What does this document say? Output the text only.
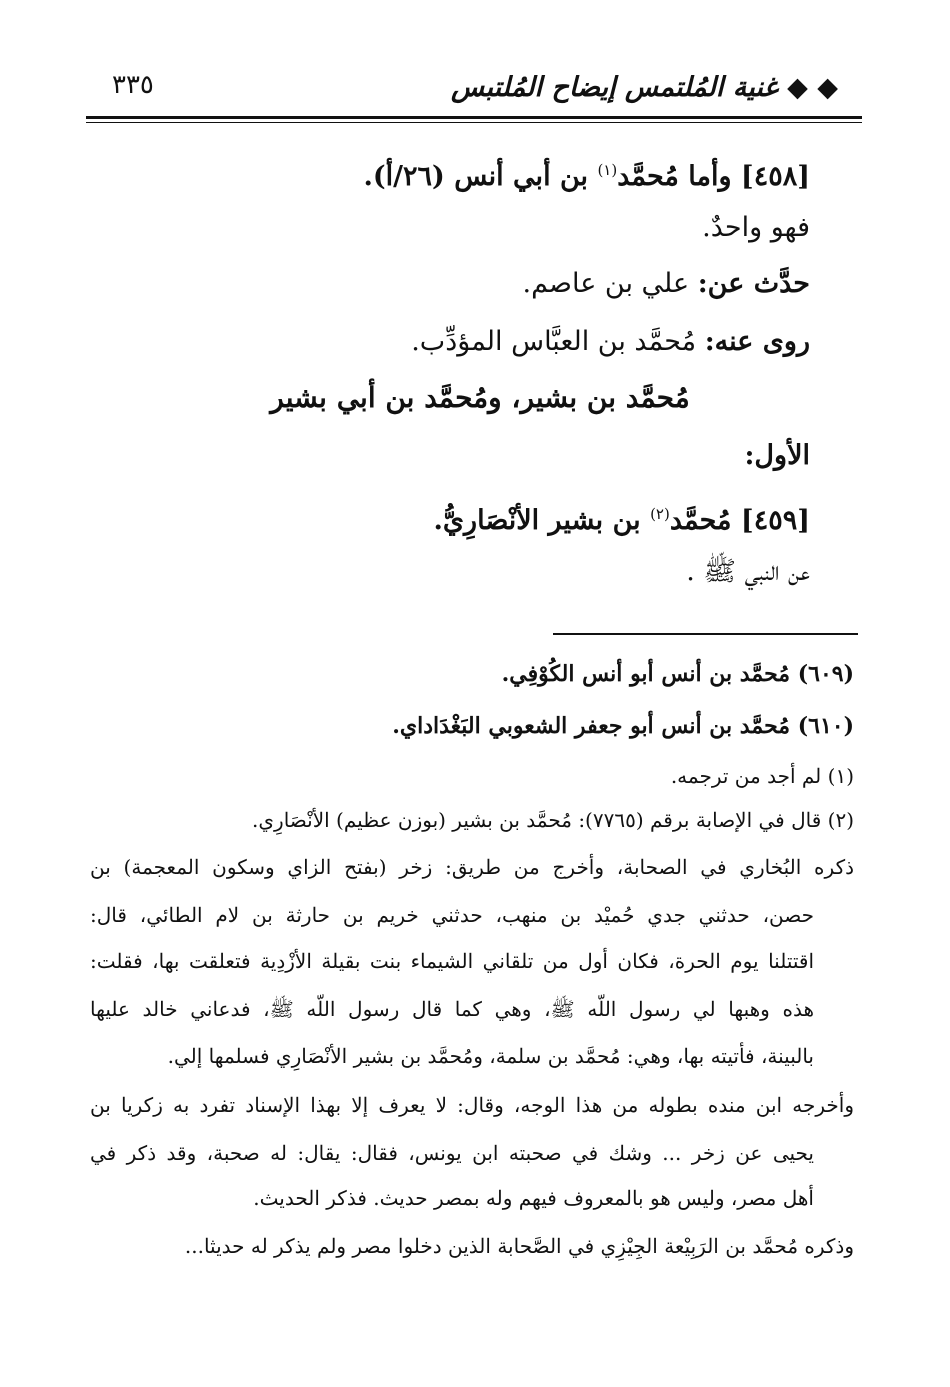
◆ ◆ غنية المُلتمس إيضاح المُلتبس
٣٣٥
[٤٥٨] وأما مُحمَّد$^{(١)}$ بن أبي أنس (٢٦/أ).
فهو واحدٌ.
حدَّث عن: علي بن عاصم.
روى عنه: مُحمَّد بن العبَّاس المؤدِّب.
مُحمَّد بن بشير، ومُحمَّد بن أبي بشير
الأول:
[٤٥٩] مُحمَّد$^{(٢)}$ بن بشير الأنْصَارِيُّ.
عن النبي ﷺ .
(٦٠٩) مُحمَّد بن أنس أبو أنس الكُوْفِي.
(٦١٠) مُحمَّد بن أنس أبو جعفر الشعوبي البَغْدَاداي.
(١) لم أجد من ترجمه.
(٢) قال في الإصابة برقم (٧٧٦٥): مُحمَّد بن بشير (بوزن عظيم) الأنْصَارِي.
ذكره البُخاري في الصحابة، وأخرج من طريق: زخر (بفتح الزاي وسكون المعجمة) بن
حصن، حدثني جدي حُميْد بن منهب، حدثني خريم بن حارثة بن لام الطائي، قال:
اقتتلنا يوم الحرة، فكان أول من تلقاني الشيماء بنت بقيلة الأزْدِية فتعلقت بها، فقلت:
هذه وهبها لي رسول اللَّه ﷺ، وهي كما قال رسول اللَّه ﷺ، فدعاني خالد عليها
بالبينة، فأتيته بها، وهي: مُحمَّد بن سلمة، ومُحمَّد بن بشير الأنْصَارِي فسلمها إلي.
وأخرجه ابن منده بطوله من هذا الوجه، وقال: لا يعرف إلا بهذا الإسناد تفرد به زكريا بن
يحيى عن زخر ... وشك في صحبته ابن يونس، فقال: يقال: له صحبة، وقد ذكر في
أهل مصر، وليس هو بالمعروف فيهم وله بمصر حديث. فذكر الحديث.
وذكره مُحمَّد بن الرَبِيْعة الجِيْزِي في الصَّحابة الذين دخلوا مصر ولم يذكر له حديثا...
